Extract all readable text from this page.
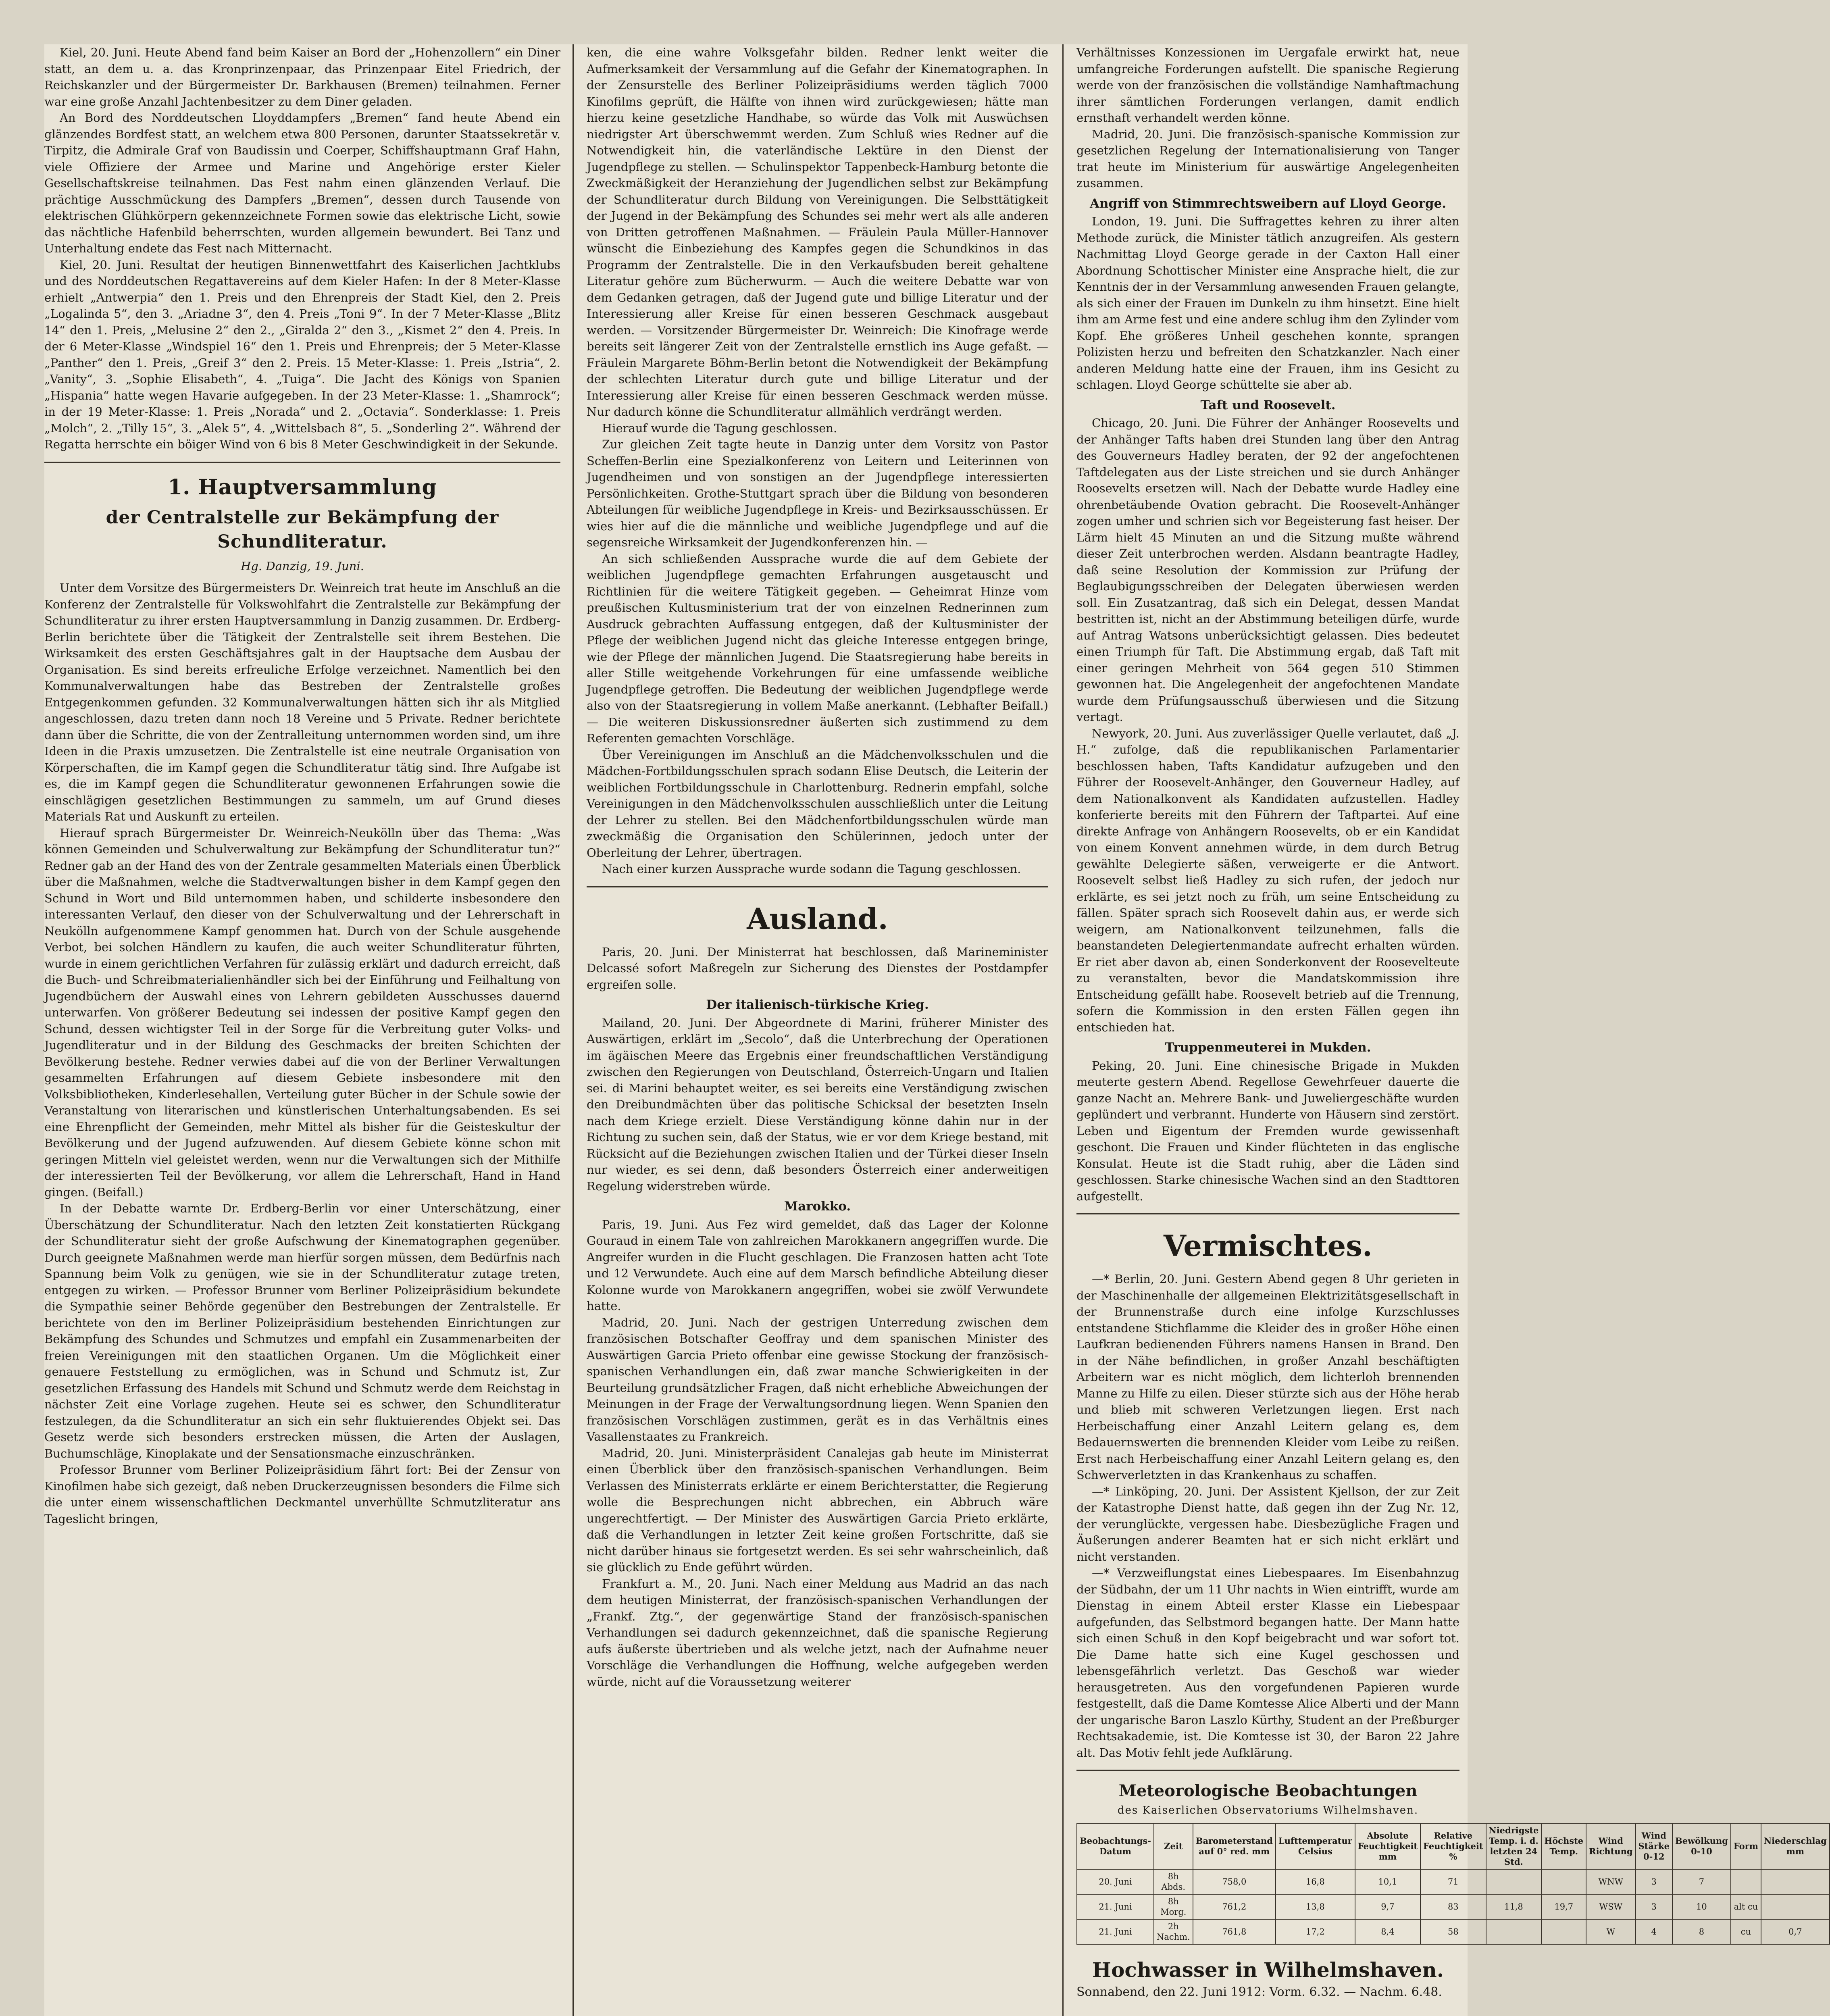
Kiel, 20. Juni. Heute Abend fand beim Kaiser an Bord der „Hohenzollern“ ein Diner statt, an dem u. a. das Kronprinzenpaar, das Prinzenpaar Eitel Friedrich, der Reichskanzler und der Bürgermeister Dr. Barkhausen (Bremen) teilnahmen. Ferner war eine große Anzahl Jachtenbesitzer zu dem Diner geladen.

An Bord des Norddeutschen Lloyddampfers „Bremen“ fand heute Abend ein glänzendes Bordfest statt, an welchem etwa 800 Personen, darunter Staatssekretär v. Tirpitz, die Admirale Graf von Baudissin und Coerper, Schiffshauptmann Graf Hahn, viele Offiziere der Armee und Marine und Angehörige erster Kieler Gesellschaftskreise teilnahmen. Das Fest nahm einen glänzenden Verlauf. Die prächtige Ausschmückung des Dampfers „Bremen“, dessen durch Tausende von elektrischen Glühkörpern gekennzeichnete Formen sowie das elektrische Licht, sowie das nächtliche Hafenbild beherrschten, wurden allgemein bewundert. Bei Tanz und Unterhaltung endete das Fest nach Mitternacht.

Kiel, 20. Juni. Resultat der heutigen Binnenwettfahrt des Kaiserlichen Jachtklubs und des Norddeutschen Regattavereins auf dem Kieler Hafen: In der 8 Meter-Klasse erhielt „Antwerpia“ den 1. Preis und den Ehrenpreis der Stadt Kiel, den 2. Preis „Logalinda 5“, den 3. „Ariadne 3“, den 4. Preis „Toni 9“. In der 7 Meter-Klasse „Blitz 14“ den 1. Preis, „Melusine 2“ den 2., „Giralda 2“ den 3., „Kismet 2“ den 4. Preis. In der 6 Meter-Klasse „Windspiel 16“ den 1. Preis und Ehrenpreis; der 5 Meter-Klasse „Panther“ den 1. Preis, „Greif 3“ den 2. Preis. 15 Meter-Klasse: 1. Preis „Istria“, 2. „Vanity“, 3. „Sophie Elisabeth“, 4. „Tuiga“. Die Jacht des Königs von Spanien „Hispania“ hatte wegen Havarie aufgegeben. In der 23 Meter-Klasse: 1. „Shamrock“; in der 19 Meter-Klasse: 1. Preis „Norada“ und 2. „Octavia“. Sonderklasse: 1. Preis „Molch“, 2. „Tilly 15“, 3. „Alek 5“, 4. „Wittelsbach 8“, 5. „Sonderling 2“. Während der Regatta herrschte ein böiger Wind von 6 bis 8 Meter Geschwindigkeit in der Sekunde.

1. Hauptversammlung
der Centralstelle zur Bekämpfung der Schundliteratur.

Hg. Danzig, 19. Juni.

Unter dem Vorsitze des Bürgermeisters Dr. Weinreich trat heute im Anschluß an die Konferenz der Zentralstelle für Volkswohlfahrt die Zentralstelle zur Bekämpfung der Schundliteratur zu ihrer ersten Hauptversammlung in Danzig zusammen. Dr. Erdberg-Berlin berichtete über die Tätigkeit der Zentralstelle seit ihrem Bestehen. Die Wirksamkeit des ersten Geschäftsjahres galt in der Hauptsache dem Ausbau der Organisation. Es sind bereits erfreuliche Erfolge verzeichnet. Namentlich bei den Kommunalverwaltungen habe das Bestreben der Zentralstelle großes Entgegenkommen gefunden. 32 Kommunalverwaltungen hätten sich ihr als Mitglied angeschlossen, dazu treten dann noch 18 Vereine und 5 Private. Redner berichtete dann über die Schritte, die von der Zentralleitung unternommen worden sind, um ihre Ideen in die Praxis umzusetzen. Die Zentralstelle ist eine neutrale Organisation von Körperschaften, die im Kampf gegen die Schundliteratur tätig sind. Ihre Aufgabe ist es, die im Kampf gegen die Schundliteratur gewonnenen Erfahrungen sowie die einschlägigen gesetzlichen Bestimmungen zu sammeln, um auf Grund dieses Materials Rat und Auskunft zu erteilen.

Hierauf sprach Bürgermeister Dr. Weinreich-Neukölln über das Thema: „Was können Gemeinden und Schulverwaltung zur Bekämpfung der Schundliteratur tun?“ Redner gab an der Hand des von der Zentrale gesammelten Materials einen Überblick über die Maßnahmen, welche die Stadtverwaltungen bisher in dem Kampf gegen den Schund in Wort und Bild unternommen haben, und schilderte insbesondere den interessanten Verlauf, den dieser von der Schulverwaltung und der Lehrerschaft in Neukölln aufgenommene Kampf genommen hat. Durch von der Schule ausgehende Verbot, bei solchen Händlern zu kaufen, die auch weiter Schundliteratur führten, wurde in einem gerichtlichen Verfahren für zulässig erklärt und dadurch erreicht, daß die Buch- und Schreibmaterialienhändler sich bei der Einführung und Feilhaltung von Jugendbüchern der Auswahl eines von Lehrern gebildeten Ausschusses dauernd unterwarfen. Von größerer Bedeutung sei indessen der positive Kampf gegen den Schund, dessen wichtigster Teil in der Sorge für die Verbreitung guter Volks- und Jugendliteratur und in der Bildung des Geschmacks der breiten Schichten der Bevölkerung bestehe. Redner verwies dabei auf die von der Berliner Verwaltungen gesammelten Erfahrungen auf diesem Gebiete insbesondere mit den Volksbibliotheken, Kinderlesehallen, Verteilung guter Bücher in der Schule sowie der Veranstaltung von literarischen und künstlerischen Unterhaltungsabenden. Es sei eine Ehrenpflicht der Gemeinden, mehr Mittel als bisher für die Geisteskultur der Bevölkerung und der Jugend aufzuwenden. Auf diesem Gebiete könne schon mit geringen Mitteln viel geleistet werden, wenn nur die Verwaltungen sich der Mithilfe der interessierten Teil der Bevölkerung, vor allem die Lehrerschaft, Hand in Hand gingen. (Beifall.)

In der Debatte warnte Dr. Erdberg-Berlin vor einer Unterschätzung, einer Überschätzung der Schundliteratur. Nach den letzten Zeit konstatierten Rückgang der Schundliteratur sieht der große Aufschwung der Kinematographen gegenüber. Durch geeignete Maßnahmen werde man hierfür sorgen müssen, dem Bedürfnis nach Spannung beim Volk zu genügen, wie sie in der Schundliteratur zutage treten, entgegen zu wirken. — Professor Brunner vom Berliner Polizeipräsidium bekundete die Sympathie seiner Behörde gegenüber den Bestrebungen der Zentralstelle. Er berichtete von den im Berliner Polizeipräsidium bestehenden Einrichtungen zur Bekämpfung des Schundes und Schmutzes und empfahl ein Zusammenarbeiten der freien Vereinigungen mit den staatlichen Organen. Um die Möglichkeit einer genauere Feststellung zu ermöglichen, was in Schund und Schmutz ist, Zur gesetzlichen Erfassung des Handels mit Schund und Schmutz werde dem Reichstag in nächster Zeit eine Vorlage zugehen. Heute sei es schwer, den Schundliteratur festzulegen, da die Schundliteratur an sich ein sehr fluktuierendes Objekt sei. Das Gesetz werde sich besonders erstrecken müssen, die Arten der Auslagen, Buchumschläge, Kinoplakate und der Sensationsmache einzuschränken.

Professor Brunner vom Berliner Polizeipräsidium fährt fort: Bei der Zensur von Kinofilmen habe sich gezeigt, daß neben Druckerzeugnissen besonders die Filme sich die unter einem wissenschaftlichen Deckmantel unverhüllte Schmutzliteratur ans Tageslicht bringen,

ken, die eine wahre Volksgefahr bilden. Redner lenkt weiter die Aufmerksamkeit der Versammlung auf die Gefahr der Kinematographen. In der Zensurstelle des Berliner Polizeipräsidiums werden täglich 7000 Kinofilms geprüft, die Hälfte von ihnen wird zurückgewiesen; hätte man hierzu keine gesetzliche Handhabe, so würde das Volk mit Auswüchsen niedrigster Art überschwemmt werden. Zum Schluß wies Redner auf die Notwendigkeit hin, die vaterländische Lektüre in den Dienst der Jugendpflege zu stellen. — Schulinspektor Tappenbeck-Hamburg betonte die Zweckmäßigkeit der Heranziehung der Jugendlichen selbst zur Bekämpfung der Schundliteratur durch Bildung von Vereinigungen. Die Selbsttätigkeit der Jugend in der Bekämpfung des Schundes sei mehr wert als alle anderen von Dritten getroffenen Maßnahmen. — Fräulein Paula Müller-Hannover wünscht die Einbeziehung des Kampfes gegen die Schundkinos in das Programm der Zentralstelle. Die in den Verkaufsbuden bereit gehaltene Literatur gehöre zum Bücherwurm. — Auch die weitere Debatte war von dem Gedanken getragen, daß der Jugend gute und billige Literatur und der Interessierung aller Kreise für einen besseren Geschmack ausgebaut werden. — Vorsitzender Bürgermeister Dr. Weinreich: Die Kinofrage werde bereits seit längerer Zeit von der Zentralstelle ernstlich ins Auge gefaßt. — Fräulein Margarete Böhm-Berlin betont die Notwendigkeit der Bekämpfung der schlechten Literatur durch gute und billige Literatur und der Interessierung aller Kreise für einen besseren Geschmack werden müsse. Nur dadurch könne die Schundliteratur allmählich verdrängt werden.

Hierauf wurde die Tagung geschlossen.

Zur gleichen Zeit tagte heute in Danzig unter dem Vorsitz von Pastor Scheffen-Berlin eine Spezialkonferenz von Leitern und Leiterinnen von Jugendheimen und von sonstigen an der Jugendpflege interessierten Persönlichkeiten. Grothe-Stuttgart sprach über die Bildung von besonderen Abteilungen für weibliche Jugendpflege in Kreis- und Bezirksausschüssen. Er wies hier auf die die männliche und weibliche Jugendpflege und auf die segensreiche Wirksamkeit der Jugendkonferenzen hin. —

An sich schließenden Aussprache wurde die auf dem Gebiete der weiblichen Jugendpflege gemachten Erfahrungen ausgetauscht und Richtlinien für die weitere Tätigkeit gegeben. — Geheimrat Hinze vom preußischen Kultusministerium trat der von einzelnen Rednerinnen zum Ausdruck gebrachten Auffassung entgegen, daß der Kultusminister der Pflege der weiblichen Jugend nicht das gleiche Interesse entgegen bringe, wie der Pflege der männlichen Jugend. Die Staatsregierung habe bereits in aller Stille weitgehende Vorkehrungen für eine umfassende weibliche Jugendpflege getroffen. Die Bedeutung der weiblichen Jugendpflege werde also von der Staatsregierung in vollem Maße anerkannt. (Lebhafter Beifall.) — Die weiteren Diskussionsredner äußerten sich zustimmend zu dem Referenten gemachten Vorschläge.

Über Vereinigungen im Anschluß an die Mädchenvolksschulen und die Mädchen-Fortbildungsschulen sprach sodann Elise Deutsch, die Leiterin der weiblichen Fortbildungsschule in Charlottenburg. Rednerin empfahl, solche Vereinigungen in den Mädchenvolksschulen ausschließlich unter die Leitung der Lehrer zu stellen. Bei den Mädchenfortbildungsschulen würde man zweckmäßig die Organisation den Schülerinnen, jedoch unter der Oberleitung der Lehrer, übertragen.

Nach einer kurzen Aussprache wurde sodann die Tagung geschlossen.

Ausland.

Paris, 20. Juni. Der Ministerrat hat beschlossen, daß Marineminister Delcassé sofort Maßregeln zur Sicherung des Dienstes der Postdampfer ergreifen solle.

Der italienisch-türkische Krieg.

Mailand, 20. Juni. Der Abgeordnete di Marini, früherer Minister des Auswärtigen, erklärt im „Secolo“, daß die Unterbrechung der Operationen im ägäischen Meere das Ergebnis einer freundschaftlichen Verständigung zwischen den Regierungen von Deutschland, Österreich-Ungarn und Italien sei. di Marini behauptet weiter, es sei bereits eine Verständigung zwischen den Dreibundmächten über das politische Schicksal der besetzten Inseln nach dem Kriege erzielt. Diese Verständigung könne dahin nur in der Richtung zu suchen sein, daß der Status, wie er vor dem Kriege bestand, mit Rücksicht auf die Beziehungen zwischen Italien und der Türkei dieser Inseln nur wieder, es sei denn, daß besonders Österreich einer anderweitigen Regelung widerstreben würde.

Marokko.

Paris, 19. Juni. Aus Fez wird gemeldet, daß das Lager der Kolonne Gouraud in einem Tale von zahlreichen Marokkanern angegriffen wurde. Die Angreifer wurden in die Flucht geschlagen. Die Franzosen hatten acht Tote und 12 Verwundete. Auch eine auf dem Marsch befindliche Abteilung dieser Kolonne wurde von Marokkanern angegriffen, wobei sie zwölf Verwundete hatte.

Madrid, 20. Juni. Nach der gestrigen Unterredung zwischen dem französischen Botschafter Geoffray und dem spanischen Minister des Auswärtigen Garcia Prieto offenbar eine gewisse Stockung der französisch-spanischen Verhandlungen ein, daß zwar manche Schwierigkeiten in der Beurteilung grundsätzlicher Fragen, daß nicht erhebliche Abweichungen der Meinungen in der Frage der Verwaltungsordnung liegen. Wenn Spanien den französischen Vorschlägen zustimmen, gerät es in das Verhältnis eines Vasallenstaates zu Frankreich.

Madrid, 20. Juni. Ministerpräsident Canalejas gab heute im Ministerrat einen Überblick über den französisch-spanischen Verhandlungen. Beim Verlassen des Ministerrats erklärte er einem Berichterstatter, die Regierung wolle die Besprechungen nicht abbrechen, ein Abbruch wäre ungerechtfertigt. — Der Minister des Auswärtigen Garcia Prieto erklärte, daß die Verhandlungen in letzter Zeit keine großen Fortschritte, daß sie nicht darüber hinaus sie fortgesetzt werden. Es sei sehr wahrscheinlich, daß sie glücklich zu Ende geführt würden.

Frankfurt a. M., 20. Juni. Nach einer Meldung aus Madrid an das nach dem heutigen Ministerrat, der französisch-spanischen Verhandlungen der „Frankf. Ztg.“, der gegenwärtige Stand der französisch-spanischen Verhandlungen sei dadurch gekennzeichnet, daß die spanische Regierung aufs äußerste übertrieben und als welche jetzt, nach der Aufnahme neuer Vorschläge die Verhandlungen die Hoffnung, welche aufgegeben werden würde, nicht auf die Voraussetzung weiterer

Verhältnisses Konzessionen im Uergafale erwirkt hat, neue umfangreiche Forderungen aufstellt. Die spanische Regierung werde von der französischen die vollständige Namhaftmachung ihrer sämtlichen Forderungen verlangen, damit endlich ernsthaft verhandelt werden könne.

Madrid, 20. Juni. Die französisch-spanische Kommission zur gesetzlichen Regelung der Internationalisierung von Tanger trat heute im Ministerium für auswärtige Angelegenheiten zusammen.

Angriff von Stimmrechtsweibern auf Lloyd George.

London, 19. Juni. Die Suffragettes kehren zu ihrer alten Methode zurück, die Minister tätlich anzugreifen. Als gestern Nachmittag Lloyd George gerade in der Caxton Hall einer Abordnung Schottischer Minister eine Ansprache hielt, die zur Kenntnis der in der Versammlung anwesenden Frauen gelangte, als sich einer der Frauen im Dunkeln zu ihm hinsetzt. Eine hielt ihm am Arme fest und eine andere schlug ihm den Zylinder vom Kopf. Ehe größeres Unheil geschehen konnte, sprangen Polizisten herzu und befreiten den Schatzkanzler. Nach einer anderen Meldung hatte eine der Frauen, ihm ins Gesicht zu schlagen. Lloyd George schüttelte sie aber ab.

Taft und Roosevelt.

Chicago, 20. Juni. Die Führer der Anhänger Roosevelts und der Anhänger Tafts haben drei Stunden lang über den Antrag des Gouverneurs Hadley beraten, der 92 der angefochtenen Taftdelegaten aus der Liste streichen und sie durch Anhänger Roosevelts ersetzen will. Nach der Debatte wurde Hadley eine ohrenbetäubende Ovation gebracht. Die Roosevelt-Anhänger zogen umher und schrien sich vor Begeisterung fast heiser. Der Lärm hielt 45 Minuten an und die Sitzung mußte während dieser Zeit unterbrochen werden. Alsdann beantragte Hadley, daß seine Resolution der Kommission zur Prüfung der Beglaubigungsschreiben der Delegaten überwiesen werden soll. Ein Zusatzantrag, daß sich ein Delegat, dessen Mandat bestritten ist, nicht an der Abstimmung beteiligen dürfe, wurde auf Antrag Watsons unberücksichtigt gelassen. Dies bedeutet einen Triumph für Taft. Die Abstimmung ergab, daß Taft mit einer geringen Mehrheit von 564 gegen 510 Stimmen gewonnen hat. Die Angelegenheit der angefochtenen Mandate wurde dem Prüfungsausschuß überwiesen und die Sitzung vertagt.

Newyork, 20. Juni. Aus zuverlässiger Quelle verlautet, daß „J. H.“ zufolge, daß die republikanischen Parlamentarier beschlossen haben, Tafts Kandidatur aufzugeben und den Führer der Roosevelt-Anhänger, den Gouverneur Hadley, auf dem Nationalkonvent als Kandidaten aufzustellen. Hadley konferierte bereits mit den Führern der Taftpartei. Auf eine direkte Anfrage von Anhängern Roosevelts, ob er ein Kandidat von einem Konvent annehmen würde, in dem durch Betrug gewählte Delegierte säßen, verweigerte er die Antwort. Roosevelt selbst ließ Hadley zu sich rufen, der jedoch nur erklärte, es sei jetzt noch zu früh, um seine Entscheidung zu fällen. Später sprach sich Roosevelt dahin aus, er werde sich weigern, am Nationalkonvent teilzunehmen, falls die beanstandeten Delegiertenmandate aufrecht erhalten würden. Er riet aber davon ab, einen Sonderkonvent der Roosevelteute zu veranstalten, bevor die Mandatskommission ihre Entscheidung gefällt habe. Roosevelt betrieb auf die Trennung, sofern die Kommission in den ersten Fällen gegen ihn entschieden hat.

Truppenmeuterei in Mukden.

Peking, 20. Juni. Eine chinesische Brigade in Mukden meuterte gestern Abend. Regellose Gewehrfeuer dauerte die ganze Nacht an. Mehrere Bank- und Juweliergeschäfte wurden geplündert und verbrannt. Hunderte von Häusern sind zerstört. Leben und Eigentum der Fremden wurde gewissenhaft geschont. Die Frauen und Kinder flüchteten in das englische Konsulat. Heute ist die Stadt ruhig, aber die Läden sind geschlossen. Starke chinesische Wachen sind an den Stadttoren aufgestellt.

Vermischtes.

—* Berlin, 20. Juni. Gestern Abend gegen 8 Uhr gerieten in der Maschinenhalle der allgemeinen Elektrizitätsgesellschaft in der Brunnenstraße durch eine infolge Kurzschlusses entstandene Stichflamme die Kleider des in großer Höhe einen Laufkran bedienenden Führers namens Hansen in Brand. Den in der Nähe befindlichen, in großer Anzahl beschäftigten Arbeitern war es nicht möglich, dem lichterloh brennenden Manne zu Hilfe zu eilen. Dieser stürzte sich aus der Höhe herab und blieb mit schweren Verletzungen liegen. Erst nach Herbeischaffung einer Anzahl Leitern gelang es, dem Bedauernswerten die brennenden Kleider vom Leibe zu reißen. Erst nach Herbeischaffung einer Anzahl Leitern gelang es, den Schwerverletzten in das Krankenhaus zu schaffen.

—* Linköping, 20. Juni. Der Assistent Kjellson, der zur Zeit der Katastrophe Dienst hatte, daß gegen ihn der Zug Nr. 12, der verunglückte, vergessen habe. Diesbezügliche Fragen und Äußerungen anderer Beamten hat er sich nicht erklärt und nicht verstanden.

—* Verzweiflungstat eines Liebespaares. Im Eisenbahnzug der Südbahn, der um 11 Uhr nachts in Wien eintrifft, wurde am Dienstag in einem Abteil erster Klasse ein Liebespaar aufgefunden, das Selbstmord begangen hatte. Der Mann hatte sich einen Schuß in den Kopf beigebracht und war sofort tot. Die Dame hatte sich eine Kugel geschossen und lebensgefährlich verletzt. Das Geschoß war wieder herausgetreten. Aus den vorgefundenen Papieren wurde festgestellt, daß die Dame Komtesse Alice Alberti und der Mann der ungarische Baron Laszlo Kürthy, Student an der Preßburger Rechtsakademie, ist. Die Komtesse ist 30, der Baron 22 Jahre alt. Das Motiv fehlt jede Aufklärung.

Meteorologische Beobachtungen
des Kaiserlichen Observatoriums Wilhelmshaven.
Beobachtungs-Datum	Zeit	Barometerstand auf 0° red. mm	Lufttemperatur Celsius	Absolute Feuchtigkeit mm	Relative Feuchtigkeit %	Niedrigste Temp. i. d. letzten 24 Std.	Höchste Temp.	Wind Richtung	Wind Stärke 0-12	Bewölkung 0-10	Form	Niederschlag mm
20. Juni	8h Abds.	758,0	16,8	10,1	71			WNW	3	7		
21. Juni	8h Morg.	761,2	13,8	9,7	83	11,8	19,7	WSW	3	10	alt cu	
21. Juni	2h Nachm.	761,8	17,2	8,4	58			W	4	8	cu	0,7
Hochwasser in Wilhelmshaven.

Sonnabend, den 22. Juni 1912: Vorm. 6.32. — Nachm. 6.48.
